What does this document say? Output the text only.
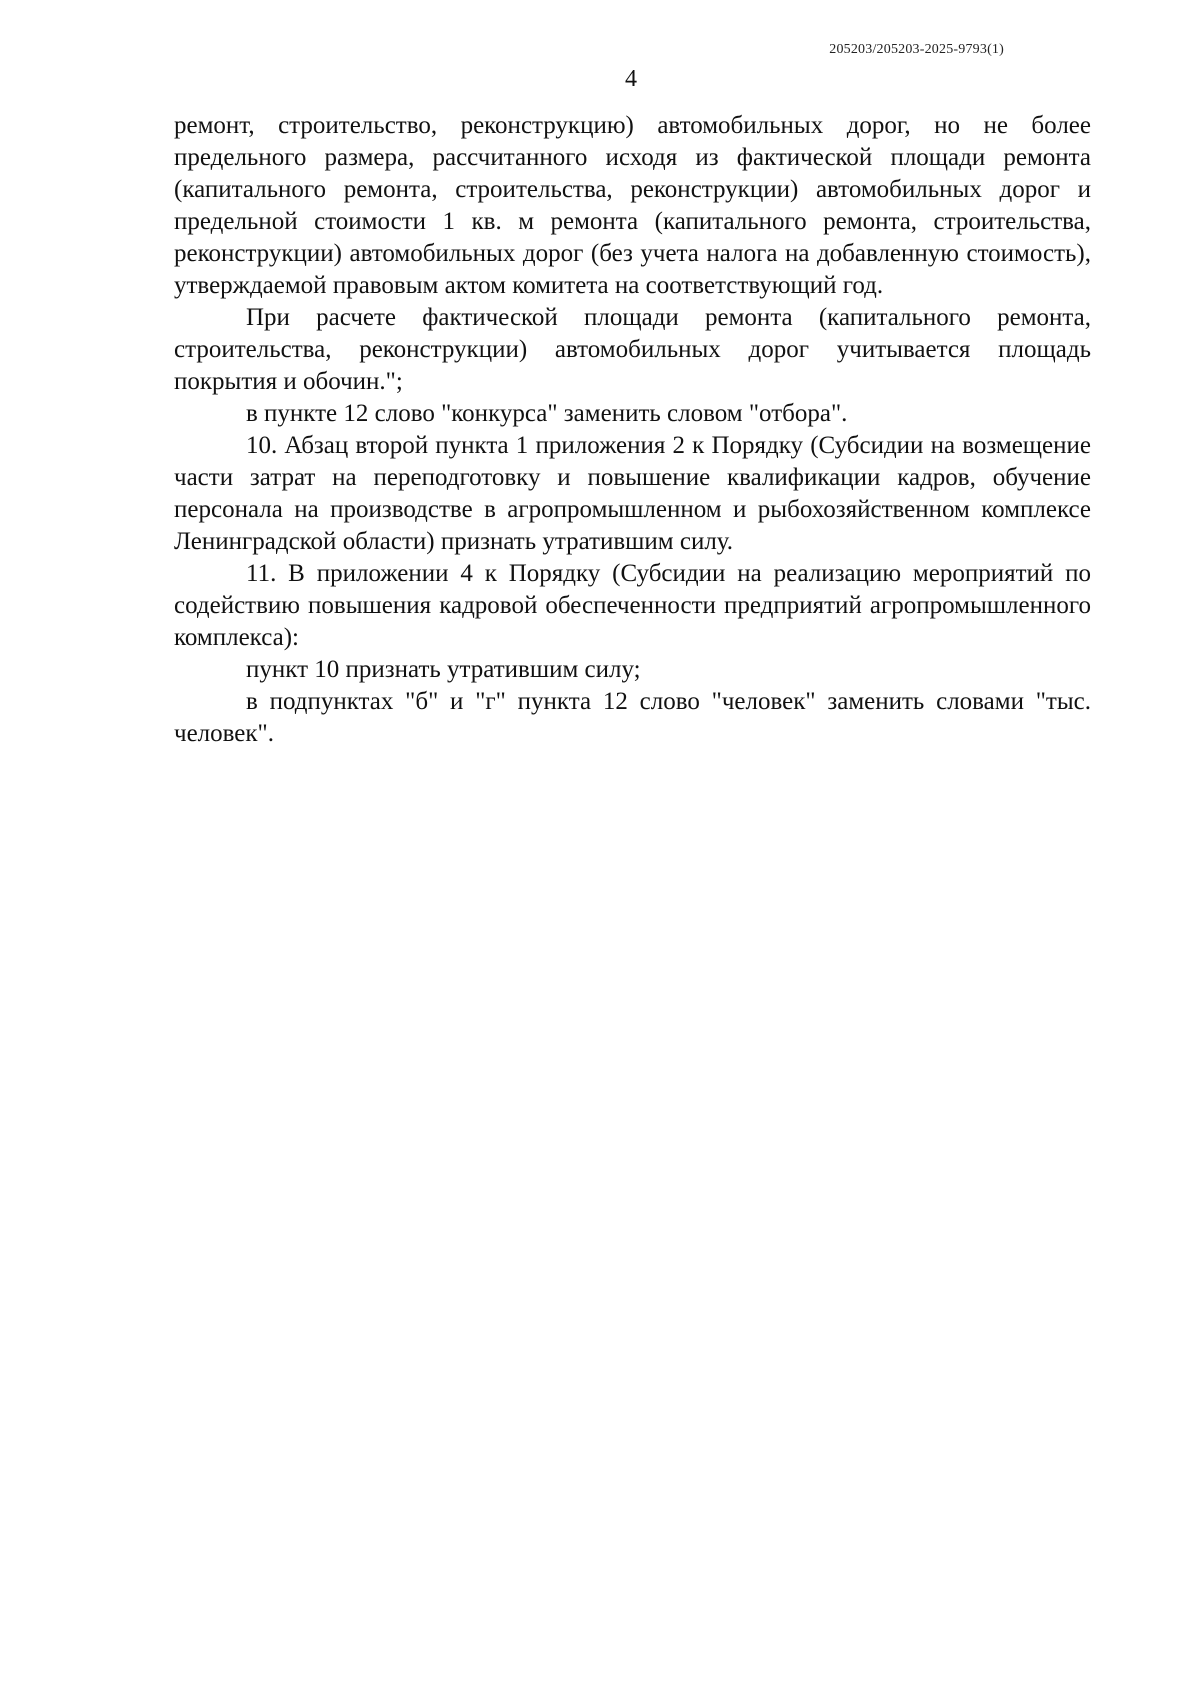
205203/205203-2025-9793(1)
4

ремонт, строительство, реконструкцию) автомобильных дорог, но не более предельного размера, рассчитанного исходя из фактической площади ремонта (капитального ремонта, строительства, реконструкции) автомобильных дорог и предельной стоимости 1 кв. м ремонта (капитального ремонта, строительства, реконструкции) автомобильных дорог (без учета налога на добавленную стоимость), утверждаемой правовым актом комитета на соответствующий год.

При расчете фактической площади ремонта (капитального ремонта, строительства, реконструкции) автомобильных дорог учитывается площадь покрытия и обочин.";

в пункте 12 слово "конкурса" заменить словом "отбора".

10. Абзац второй пункта 1 приложения 2 к Порядку (Субсидии на возмещение части затрат на переподготовку и повышение квалификации кадров, обучение персонала на производстве в агропромышленном и рыбохозяйственном комплексе Ленинградской области) признать утратившим силу.

11. В приложении 4 к Порядку (Субсидии на реализацию мероприятий по содействию повышения кадровой обеспеченности предприятий агропромышленного комплекса):

пункт 10 признать утратившим силу;

в подпунктах "б" и "г" пункта 12 слово "человек" заменить словами "тыс. человек".
